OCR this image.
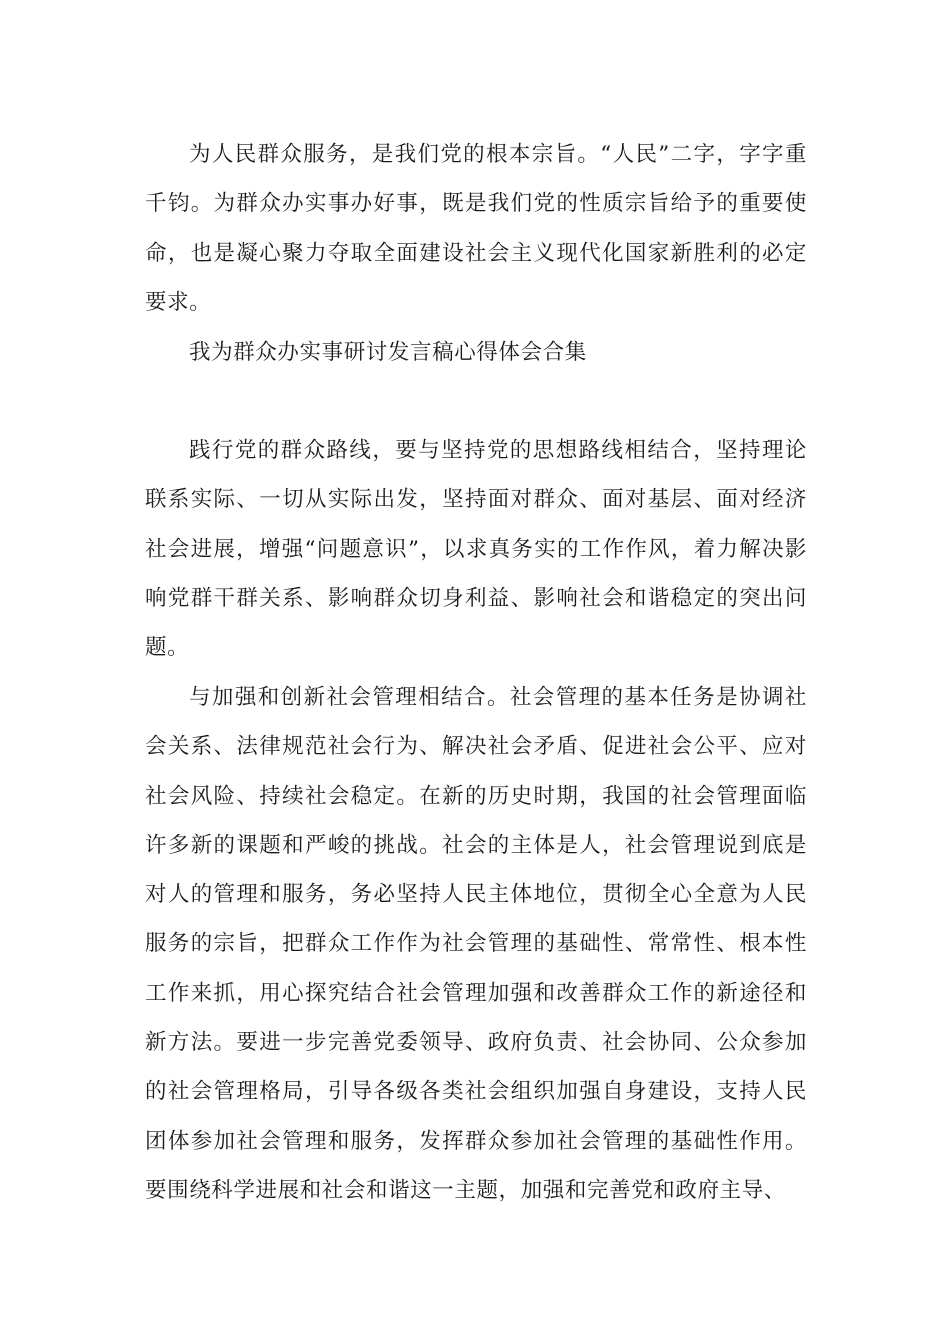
为人民群众服务，是我们党的根本宗旨。“人民”二字，字字重千钧。为群众办实事办好事，既是我们党的性质宗旨给予的重要使命，也是凝心聚力夺取全面建设社会主义现代化国家新胜利的必定要求。

我为群众办实事研讨发言稿心得体会合集

践行党的群众路线，要与坚持党的思想路线相结合，坚持理论联系实际、一切从实际出发，坚持面对群众、面对基层、面对经济社会进展，增强“问题意识”，以求真务实的工作作风，着力解决影响党群干群关系、影响群众切身利益、影响社会和谐稳定的突出问题。

与加强和创新社会管理相结合。社会管理的基本任务是协调社会关系、法律规范社会行为、解决社会矛盾、促进社会公平、应对社会风险、持续社会稳定。在新的历史时期，我国的社会管理面临许多新的课题和严峻的挑战。社会的主体是人，社会管理说到底是对人的管理和服务，务必坚持人民主体地位，贯彻全心全意为人民服务的宗旨，把群众工作作为社会管理的基础性、常常性、根本性工作来抓，用心探究结合社会管理加强和改善群众工作的新途径和新方法。要进一步完善党委领导、政府负责、社会协同、公众参加的社会管理格局，引导各级各类社会组织加强自身建设，支持人民团体参加社会管理和服务，发挥群众参加社会管理的基础性作用。要围绕科学进展和社会和谐这一主题，加强和完善党和政府主导、
